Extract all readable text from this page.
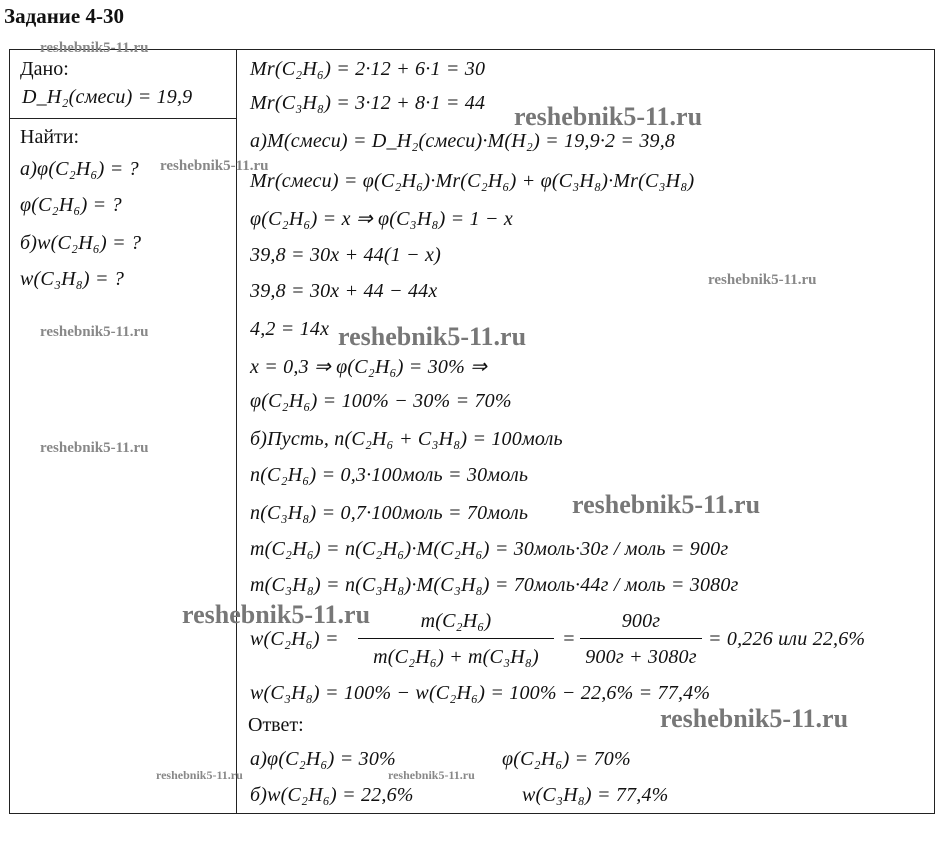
Задание 4-30
Дано:
D_H₂(смеси) = 19,9
Найти:
а)φ(C₂H₆) = ?
φ(C₂H₆) = ?
б)w(C₂H₆) = ?
w(C₃H₈) = ?
Mr(C₂H₆) = 2·12 + 6·1 = 30
Mr(C₃H₈) = 3·12 + 8·1 = 44
а)M(смеси) = D_H₂(смеси)·M(H₂) = 19,9·2 = 39,8
Mr(смеси) = φ(C₂H₆)·Mr(C₂H₆) + φ(C₃H₈)·Mr(C₃H₈)
φ(C₂H₆) = x ⇒ φ(C₃H₈) = 1 − x
39,8 = 30x + 44(1 − x)
39,8 = 30x + 44 − 44x
4,2 = 14x
x = 0,3 ⇒ φ(C₂H₆) = 30% ⇒
φ(C₂H₆) = 100% − 30% = 70%
б)Пусть, n(C₂H₆ + C₃H₈) = 100моль
n(C₂H₆) = 0,3·100моль = 30моль
n(C₃H₈) = 0,7·100моль = 70моль
m(C₂H₆) = n(C₂H₆)·M(C₂H₆) = 30моль·30г / моль = 900г
m(C₃H₈) = n(C₃H₈)·M(C₃H₈) = 70моль·44г / моль = 3080г
w(C₂H₆) =
m(C₂H₆)
m(C₂H₆) + m(C₃H₈)
=
900г
900г + 3080г
= 0,226 или 22,6%
w(C₃H₈) = 100% − w(C₂H₆) = 100% − 22,6% = 77,4%
Ответ:
а)φ(C₂H₆) = 30%	φ(C₂H₆) = 70%
б)w(C₂H₆) = 22,6%	w(C₃H₈) = 77,4%
reshebnik5-11.ru
reshebnik5-11.ru
reshebnik5-11.ru
reshebnik5-11.ru
reshebnik5-11.ru	reshebnik5-11.ru
reshebnik5-11.ru
reshebnik5-11.ru
reshebnik5-11.ru
reshebnik5-11.ru
reshebnik5-11.ru	reshebnik5-11.ru
